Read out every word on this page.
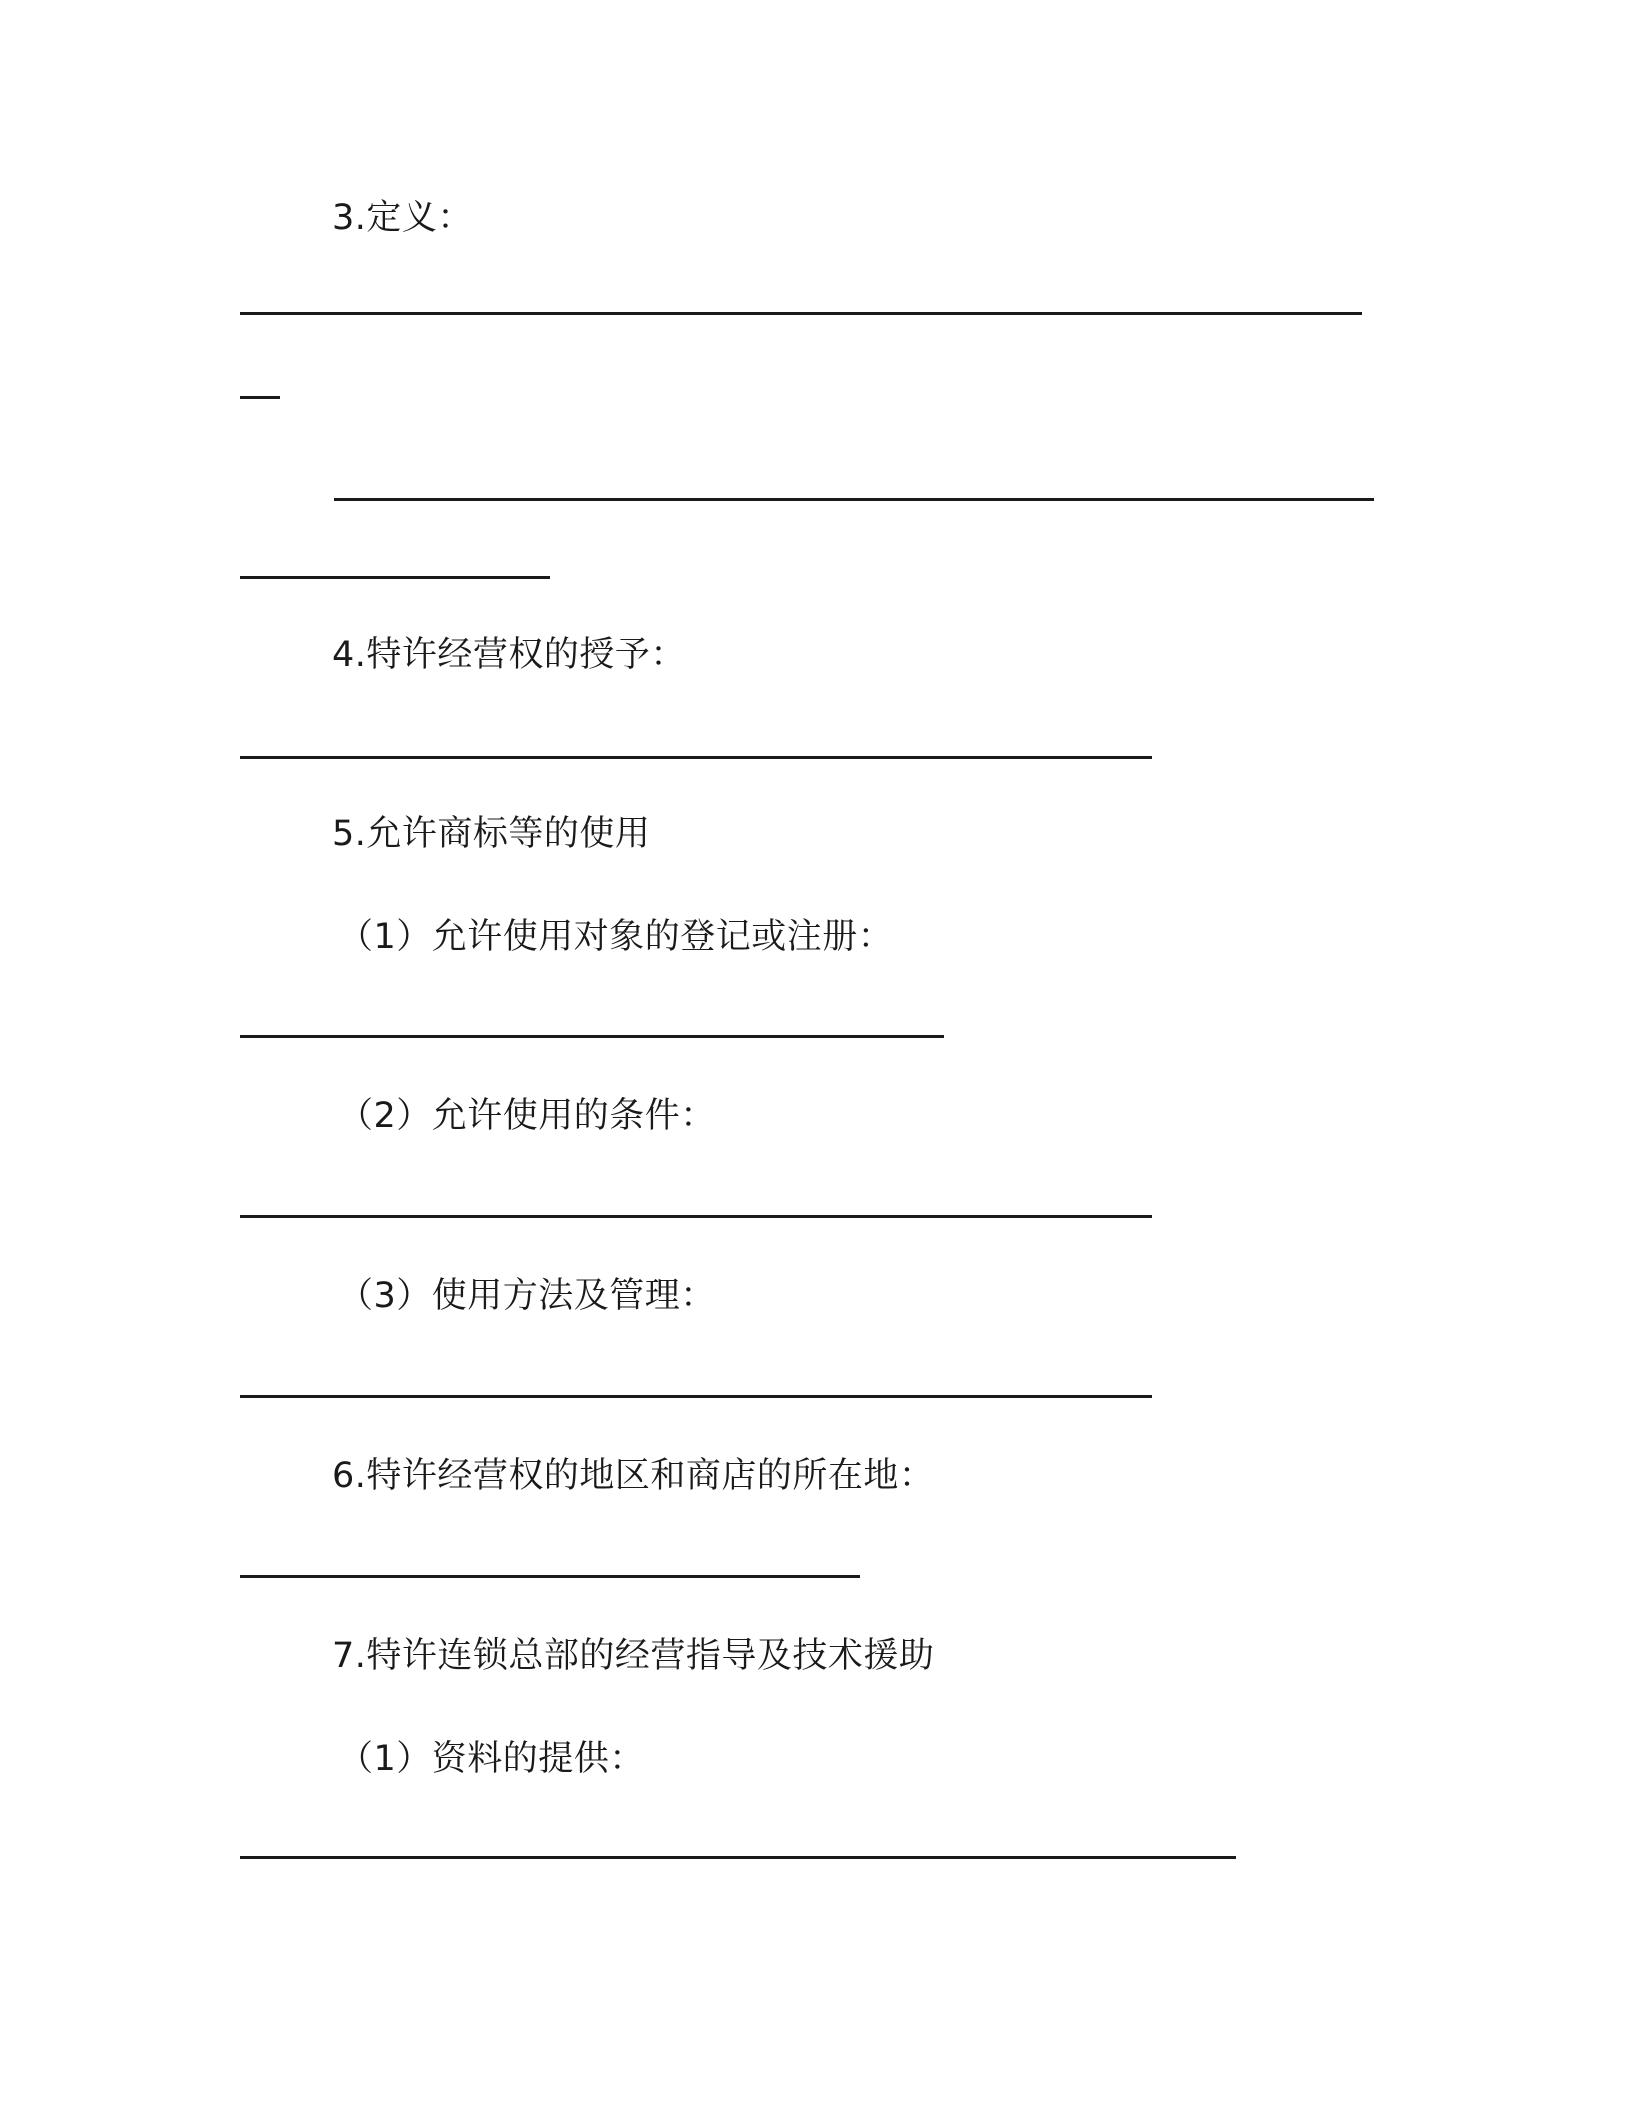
3.定义：
4.特许经营权的授予：
5.允许商标等的使用
（1）允许使用对象的登记或注册：
（2）允许使用的条件：
（3）使用方法及管理：
6.特许经营权的地区和商店的所在地：
7.特许连锁总部的经营指导及技术援助
（1）资料的提供：
